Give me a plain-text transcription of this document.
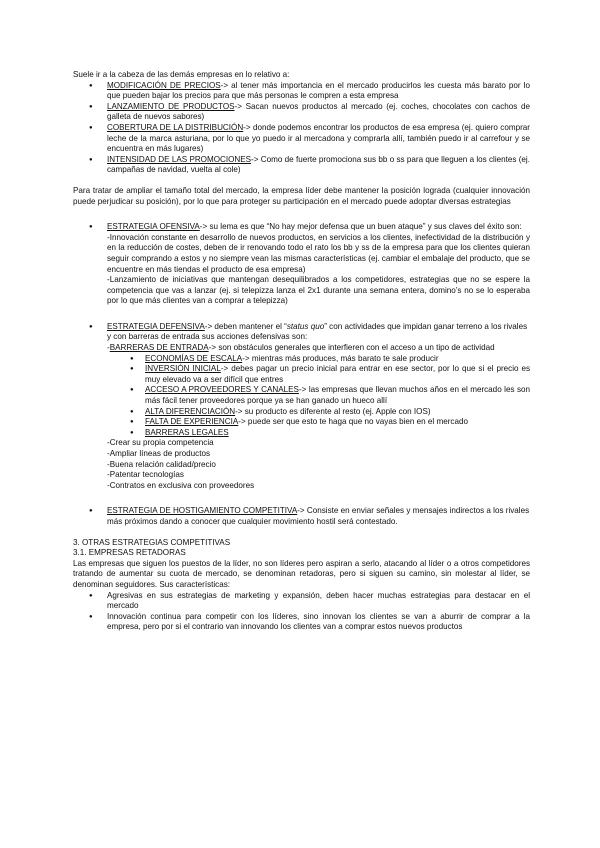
Suele ir a la cabeza de las demás empresas en lo relativo a:

● MODIFICACIÓN DE PRECIOS-> al tener más importancia en el mercado producirlos les cuesta más barato por lo que pueden bajar los precios para que más personas le compren a esta empresa
● LANZAMIENTO DE PRODUCTOS-> Sacan nuevos productos al mercado (ej. coches, chocolates con cachos de galleta de nuevos sabores)
● COBERTURA DE LA DISTRIBUCIÓN-> donde podemos encontrar los productos de esa empresa (ej. quiero comprar leche de la marca asturiana, por lo que yo puedo ir al mercadona y comprarla allí, también puedo ir al carrefour y se encuentra en más lugares)
● INTENSIDAD DE LAS PROMOCIONES-> Como de fuerte promociona sus bb o ss para que lleguen a los clientes (ej. campañas de navidad, vuelta al cole)

Para tratar de ampliar el tamaño total del mercado, la empresa líder debe mantener la posición lograda (cualquier innovación puede perjudicar su posición), por lo que para proteger su participación en el mercado puede adoptar diversas estrategias

● ESTRATEGIA OFENSIVA-> su lema es que “No hay mejor defensa que un buen ataque” y sus claves del éxito son:

-Innovación constante en desarrollo de nuevos productos, en servicios a los clientes, inefectividad de la distribución y en la reducción de costes, deben de ir renovando todo el rato los bb y ss de la empresa para que los clientes quieran seguir comprando a estos y no siempre vean las mismas características (ej. cambiar el embalaje del producto, que se encuentre en más tiendas el producto de esa empresa)

-Lanzamiento de iniciativas que mantengan desequilibrados a los competidores, estrategias que no se espere la competencia que vas a lanzar (ej. si telepizza lanza el 2x1 durante una semana entera, domino’s no se lo esperaba por lo que más clientes van a comprar a telepizza)

● ESTRATEGIA DEFENSIVA-> deben mantener el “status quo” con actividades que impidan ganar terreno a los rivales y con barreras de entrada sus acciones defensivas son:

-BARRERAS DE ENTRADA-> son obstáculos generales que interfieren con el acceso a un tipo de actividad

● ECONOMÍAS DE ESCALA-> mientras más produces, más barato te sale producir
● INVERSIÓN INICIAL-> debes pagar un precio inicial para entrar en ese sector, por lo que si el precio es muy elevado va a ser difícil que entres
● ACCESO A PROVEEDORES Y CANALES-> las empresas que llevan muchos años en el mercado les son más fácil tener proveedores porque ya se han ganado un hueco allí
● ALTA DIFERENCIACIÓN-> su producto es diferente al resto (ej. Apple con IOS)
● FALTA DE EXPERIENCIA-> puede ser que esto te haga que no vayas bien en el mercado
● BARRERAS LEGALES

-Crear su propia competencia

-Ampliar líneas de productos

-Buena relación calidad/precio

-Patentar tecnologías

-Contratos en exclusiva con proveedores

● ESTRATEGIA DE HOSTIGAMIENTO COMPETITIVA-> Consiste en enviar señales y mensajes indirectos a los rivales más próximos dando a conocer que cualquier movimiento hostil será contestado.

3. OTRAS ESTRATEGIAS COMPETITIVAS

3.1. EMPRESAS RETADORAS

Las empresas que siguen los puestos de la líder, no son líderes pero aspiran a serlo, atacando al líder o a otros competidores tratando de aumentar su cuota de mercado, se denominan retadoras, pero si siguen su camino, sin molestar al líder, se denominan seguidores. Sus características:

● Agresivas en sus estrategias de marketing y expansión, deben hacer muchas estrategias para destacar en el mercado
● Innovación continua para competir con los líderes, sino innovan los clientes se van a aburrir de comprar a la empresa, pero por si el contrario van innovando los clientes van a comprar estos nuevos productos
